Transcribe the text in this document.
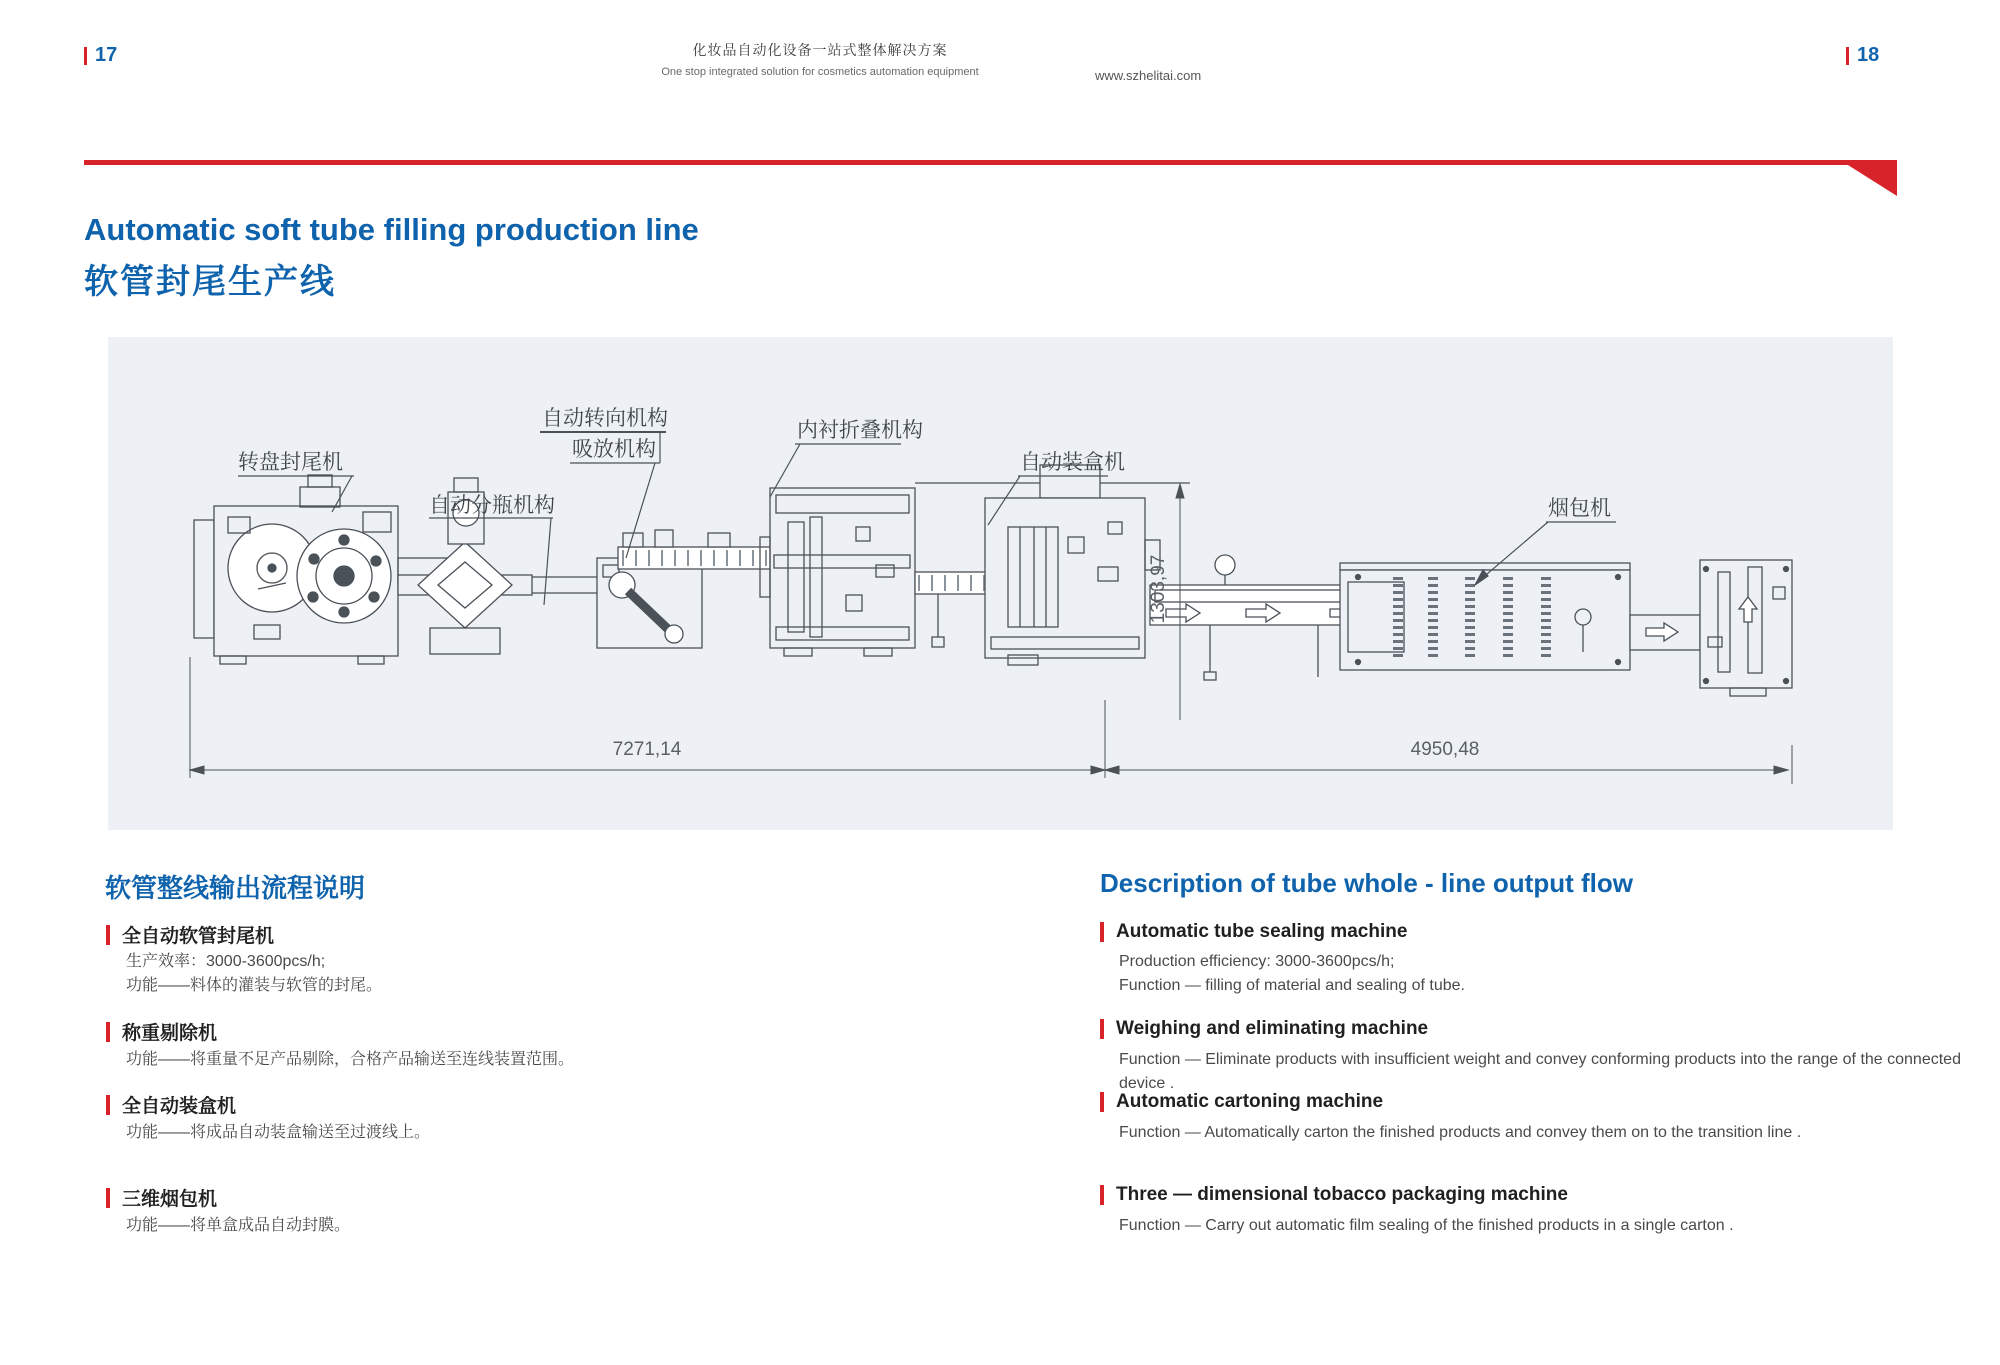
17	18
化妆品自动化设备一站式整体解决方案
One stop integrated solution for cosmetics automation equipment	www.szhelitai.com
Automatic soft tube filling production line
软管封尾生产线
转盘封尾机
自动分瓶机构
自动转向机构
吸放机构
内衬折叠机构
自动装盒机
烟包机
7271,14	4950,48
1303,97
软管整线输出流程说明
全自动软管封尾机
生产效率：3000-3600pcs/h;
功能——料体的灌装与软管的封尾。
称重剔除机
功能——将重量不足产品剔除，合格产品输送至连线装置范围。
全自动装盒机
功能——将成品自动装盒输送至过渡线上。
三维烟包机
功能——将单盒成品自动封膜。
Description of tube whole - line output flow
Automatic tube sealing machine
Production efficiency: 3000-3600pcs/h;
Function — filling of material and sealing of tube.
Weighing and eliminating machine
Function — Eliminate products with insufficient weight and convey conforming products into the range of the connected device .
Automatic cartoning machine
Function — Automatically carton the finished products and convey them on to the transition line .
Three — dimensional tobacco packaging machine
Function — Carry out automatic film sealing of the finished products in a single carton .
